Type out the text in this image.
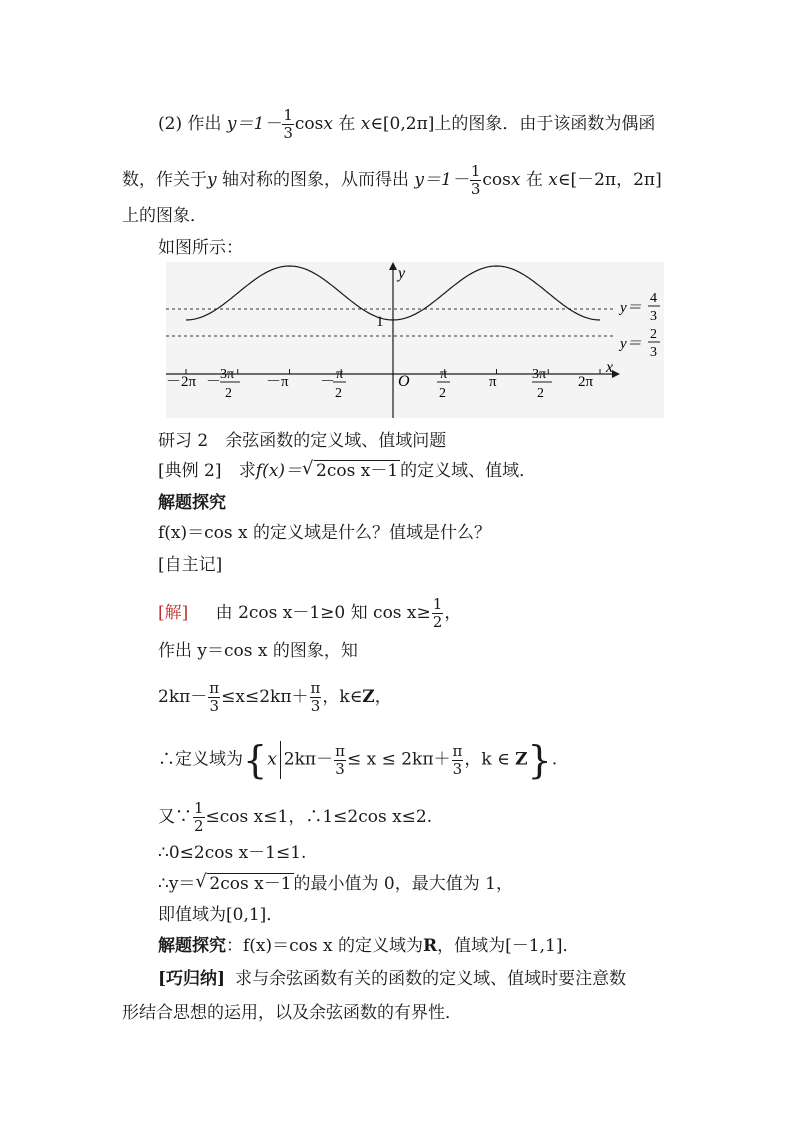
(2) 作出 $y=1- \frac{1}{3}$ cosx 在 x∈[0,2π]上的图象．由于该函数为偶函
数，作关于y 轴对称的图象，从而得出 $y=1- \frac{1}{3}$ cosx 在 x∈[－2π，2π]
上的图象．
如图所示：
y
x
O
1
y＝
4
3
y＝
2
3
－2π －
3π
2
－π － π
2
π
2
π	3π
2
2π
研习 2　余弦函数的定义域、值域问题
[典例 2] 求f(x)＝ √ 2cos x－1 的定义域、值域．
解题探究
f(x)＝cos x 的定义域是什么？值域是什么？
[自主记]
[解] 由 2cos x－1≥0 知 $\cos x\ge \frac{1}{2}$ ，
作出 y＝cos x 的图象，知
$2k\pi- \frac{\pi}{3} \le x\le 2k\pi+ \frac{\pi}{3}$ ，k∈Z，
∴定义域为{x $2k\pi- \frac{\pi}{3} \le x \le 2k\pi+ \frac{\pi}{3}$ ，k ∈ Z}.
又∵ $\frac{1}{2} \le\cos$ x≤1，∴1≤2cos x≤2.
∴0≤2cos x－1≤1.
∴y＝ √ 2cos x－1 的最小值为 0，最大值为 1，
即值域为[0,1]．
解题探究：f(x)＝cos x 的定义域为R，值域为[－1,1]．
[巧归纳] 求与余弦函数有关的函数的定义域、值域时要注意数
形结合思想的运用，以及余弦函数的有界性．
